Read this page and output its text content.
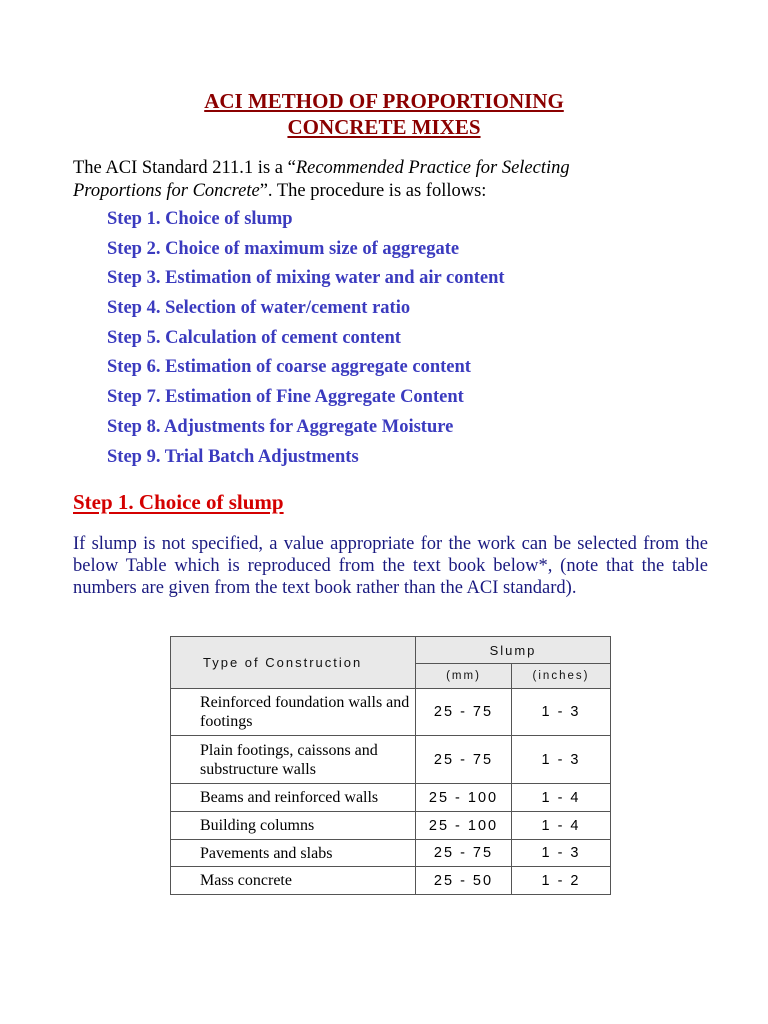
ACI METHOD OF PROPORTIONING
CONCRETE MIXES
The ACI Standard 211.1 is a “Recommended Practice for Selecting
Proportions for Concrete”. The procedure is as follows:
Step 1. Choice of slump
Step 2. Choice of maximum size of aggregate
Step 3. Estimation of mixing water and air content
Step 4. Selection of water/cement ratio
Step 5. Calculation of cement content
Step 6. Estimation of coarse aggregate content
Step 7. Estimation of Fine Aggregate Content
Step 8. Adjustments for Aggregate Moisture
Step 9. Trial Batch Adjustments
Step 1. Choice of slump
If slump is not specified, a value appropriate for the work can be selected from the below Table which is reproduced from the text book below*, (note that the table numbers are given from the text book rather than the ACI standard).
Type of Construction	Slump	
	(mm)	(inches)
Reinforced foundation walls and footings	25 - 75	1 - 3
Plain footings, caissons and substructure walls	25 - 75	1 - 3
Beams and reinforced walls	25 - 100	1 - 4
Building columns	25 - 100	1 - 4
Pavements and slabs	25 - 75	1 - 3
Mass concrete	25 - 50	1 - 2
